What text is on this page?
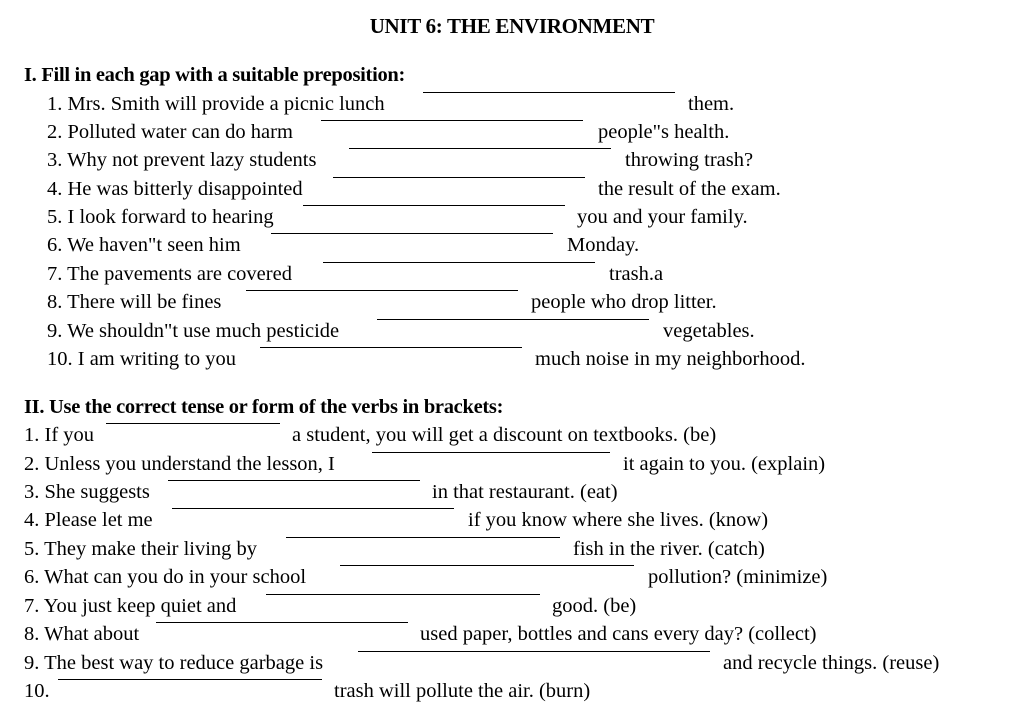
UNIT 6: THE ENVIRONMENT
I. Fill in each gap with a suitable preposition:
1. Mrs. Smith will provide a picnic lunch	them.
2. Polluted water can do harm	people"s health.
3. Why not prevent lazy students	throwing trash?
4. He was bitterly disappointed	the result of the exam.
5. I look forward to hearing	you and your family.
6. We haven"t seen him	Monday.
7. The pavements are covered	trash.a
8. There will be fines	people who drop litter.
9. We shouldn"t use much pesticide	vegetables.
10. I am writing to you	much noise in my neighborhood.
II. Use the correct tense or form of the verbs in brackets:
1. If you	a student, you will get a discount on textbooks. (be)
2. Unless you understand the lesson, I	it again to you. (explain)
3. She suggests	in that restaurant. (eat)
4. Please let me	if you know where she lives. (know)
5. They make their living by	fish in the river. (catch)
6. What can you do in your school	pollution? (minimize)
7. You just keep quiet and	good. (be)
8. What about	used paper, bottles and cans every day? (collect)
9. The best way to reduce garbage is	and recycle things. (reuse)
10.	trash will pollute the air. (burn)
